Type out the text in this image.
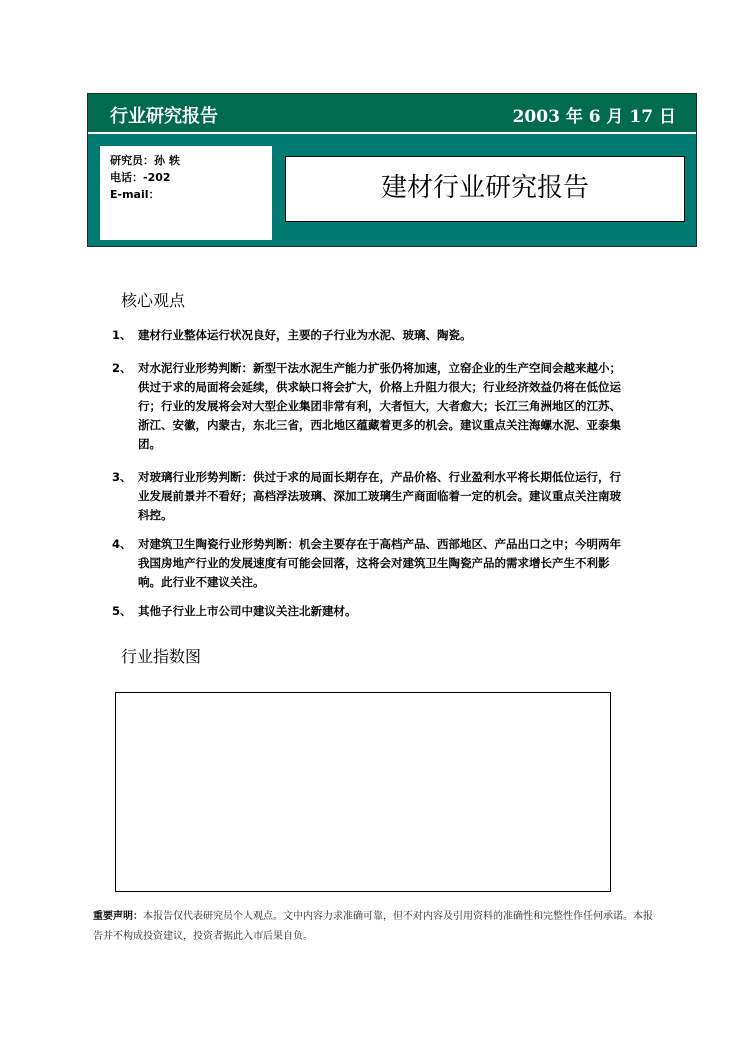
行业研究报告	2003 年 6 月 17 日
研究员：孙 轶
电话：-202
E-mail：	建材行业研究报告
核心观点
1、 建材行业整体运行状况良好，主要的子行业为水泥、玻璃、陶瓷。
2、 对水泥行业形势判断：新型干法水泥生产能力扩张仍将加速，立窑企业的生产空间会越来越小；供过于求的局面将会延续，供求缺口将会扩大，价格上升阻力很大；行业经济效益仍将在低位运行；行业的发展将会对大型企业集团非常有利，大者恒大，大者愈大；长江三角洲地区的江苏、浙江、安徽，内蒙古，东北三省，西北地区蕴藏着更多的机会。建议重点关注海螺水泥、亚泰集团。
3、 对玻璃行业形势判断：供过于求的局面长期存在，产品价格、行业盈利水平将长期低位运行，行业发展前景并不看好；高档浮法玻璃、深加工玻璃生产商面临着一定的机会。建议重点关注南玻科控。
4、 对建筑卫生陶瓷行业形势判断：机会主要存在于高档产品、西部地区、产品出口之中；今明两年我国房地产行业的发展速度有可能会回落，这将会对建筑卫生陶瓷产品的需求增长产生不利影响。此行业不建议关注。
5、 其他子行业上市公司中建议关注北新建材。
行业指数图
重要声明：本报告仅代表研究员个人观点。文中内容力求准确可靠，但不对内容及引用资料的准确性和完整性作任何承诺。本报告并不构成投资建议，投资者据此入市后果自负。
